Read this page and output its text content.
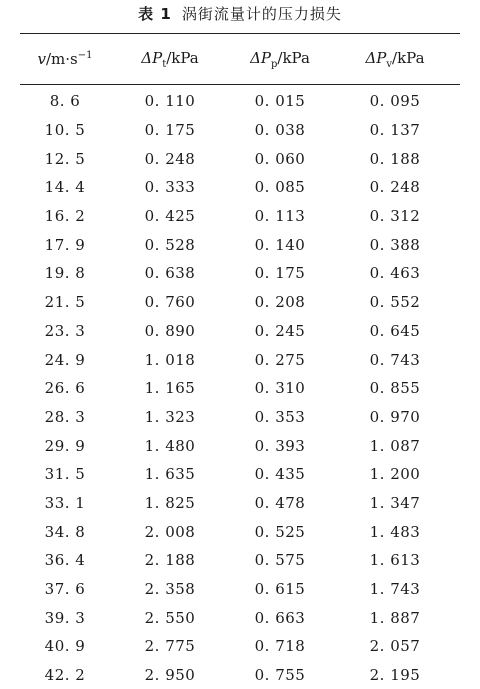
表 1 涡街流量计的压力损失
$v/m\cdot s^{-1}$	$\Delta P_t$/kPa	$\Delta P_p$/kPa	$\Delta P_v$/kPa
8. 6	0. 110	0. 015	0. 095
10. 5	0. 175	0. 038	0. 137
12. 5	0. 248	0. 060	0. 188
14. 4	0. 333	0. 085	0. 248
16. 2	0. 425	0. 113	0. 312
17. 9	0. 528	0. 140	0. 388
19. 8	0. 638	0. 175	0. 463
21. 5	0. 760	0. 208	0. 552
23. 3	0. 890	0. 245	0. 645
24. 9	1. 018	0. 275	0. 743
26. 6	1. 165	0. 310	0. 855
28. 3	1. 323	0. 353	0. 970
29. 9	1. 480	0. 393	1. 087
31. 5	1. 635	0. 435	1. 200
33. 1	1. 825	0. 478	1. 347
34. 8	2. 008	0. 525	1. 483
36. 4	2. 188	0. 575	1. 613
37. 6	2. 358	0. 615	1. 743
39. 3	2. 550	0. 663	1. 887
40. 9	2. 775	0. 718	2. 057
42. 2	2. 950	0. 755	2. 195
